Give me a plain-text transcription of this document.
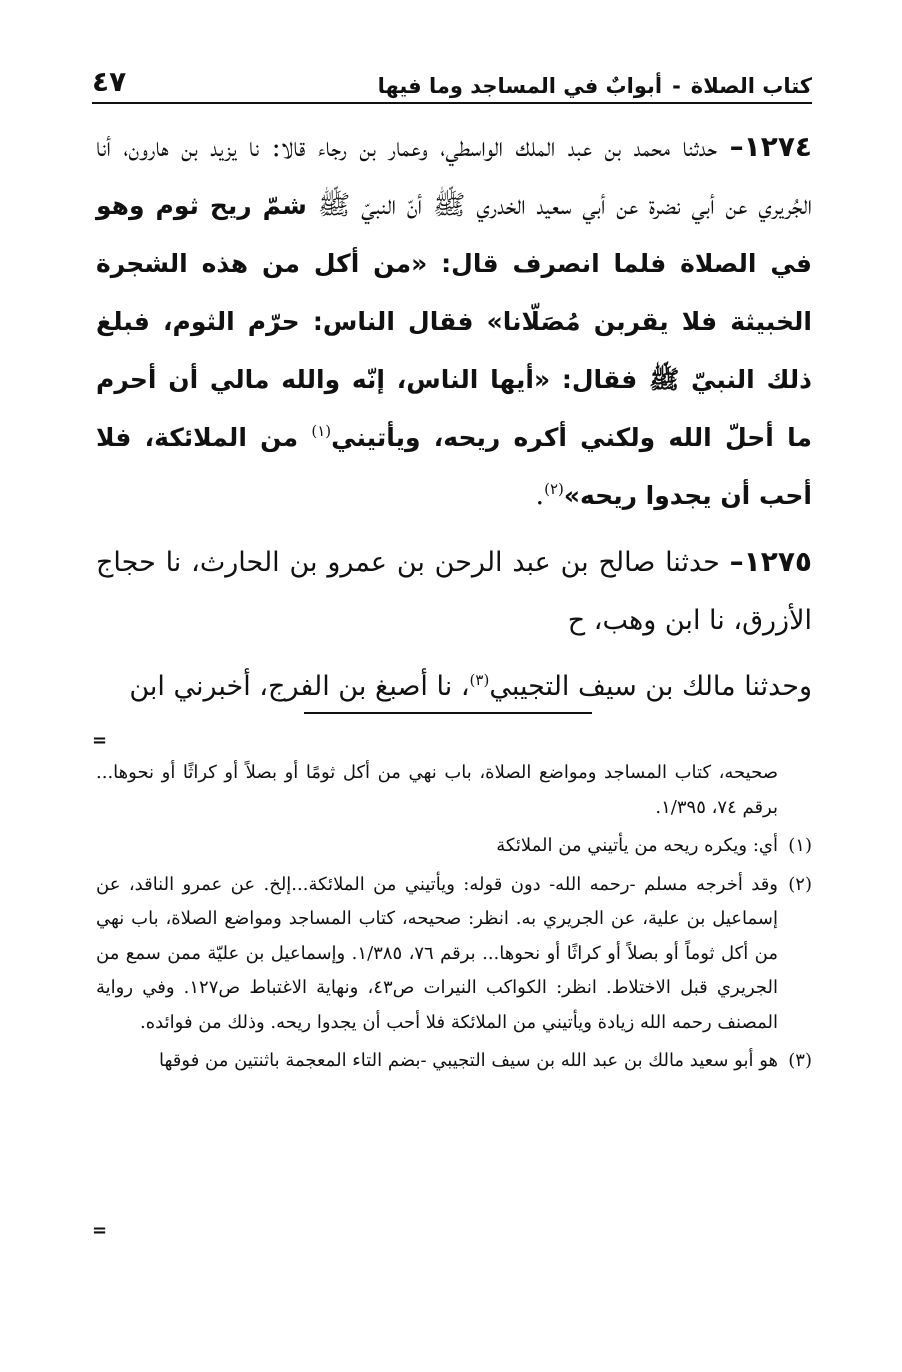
كتاب الصلاة-أبوابٌ في المساجد وما فيها
٤٧

١٢٧٤– حدثنا محمد بن عبد الملك الواسطي، وعمار بن رجاء قالا: نا يزيد بن هارون، أنا الجُريري عن أبي نضرة عن أبي سعيد الخدري ﷺ أنّ النبيّ ﷺ شمّ ريح ثوم وهو في الصلاة فلما انصرف قال: «من أكل من هذه الشجرة الخبيثة فلا يقربن مُصَلّانا» فقال الناس: حرّم الثوم، فبلغ ذلك النبيّ ﷺ فقال: «أيها الناس، إنّه والله مالي أن أحرم ما أحلّ الله ولكني أكره ريحه، ويأتيني$^{(١)}$ من الملائكة، فلا أحب أن يجدوا ريحه»$^{(٢)}$.

١٢٧٥– حدثنا صالح بن عبد الرحن بن عمرو بن الحارث، نا حجاج الأزرق، نا ابن وهب، ح

وحدثنا مالك بن سيف التجيبي$^{(٣)}$، نا أصبغ بن الفرج، أخبرني ابن

=

صحيحه، كتاب المساجد ومواضع الصلاة، باب نهي من أكل ثومًا أو بصلاً أو كراثًا أو نحوها... برقم ٧٤، ١/٣٩٥.

(١)
أي: ويكره ريحه من يأتيني من الملائكة

(٢)
وقد أخرجه مسلم -رحمه الله- دون قوله: ويأتيني من الملائكة...إلخ. عن عمرو الناقد، عن إسماعيل بن علية، عن الجريري به. انظر: صحيحه، كتاب المساجد ومواضع الصلاة، باب نهي من أكل ثوماً أو بصلاً أو كراثًا أو نحوها... برقم ٧٦، ١/٣٨٥. وإسماعيل بن عليّة ممن سمع من الجريري قبل الاختلاط. انظر: الكواكب النيرات ص٤٣، ونهاية الاغتباط ص١٢٧. وفي رواية المصنف رحمه الله زيادة ويأتيني من الملائكة فلا أحب أن يجدوا ريحه. وذلك من فوائده.

(٣)
هو أبو سعيد مالك بن عبد الله بن سيف التجيبي -بضم التاء المعجمة باثنتين من فوقها

=
